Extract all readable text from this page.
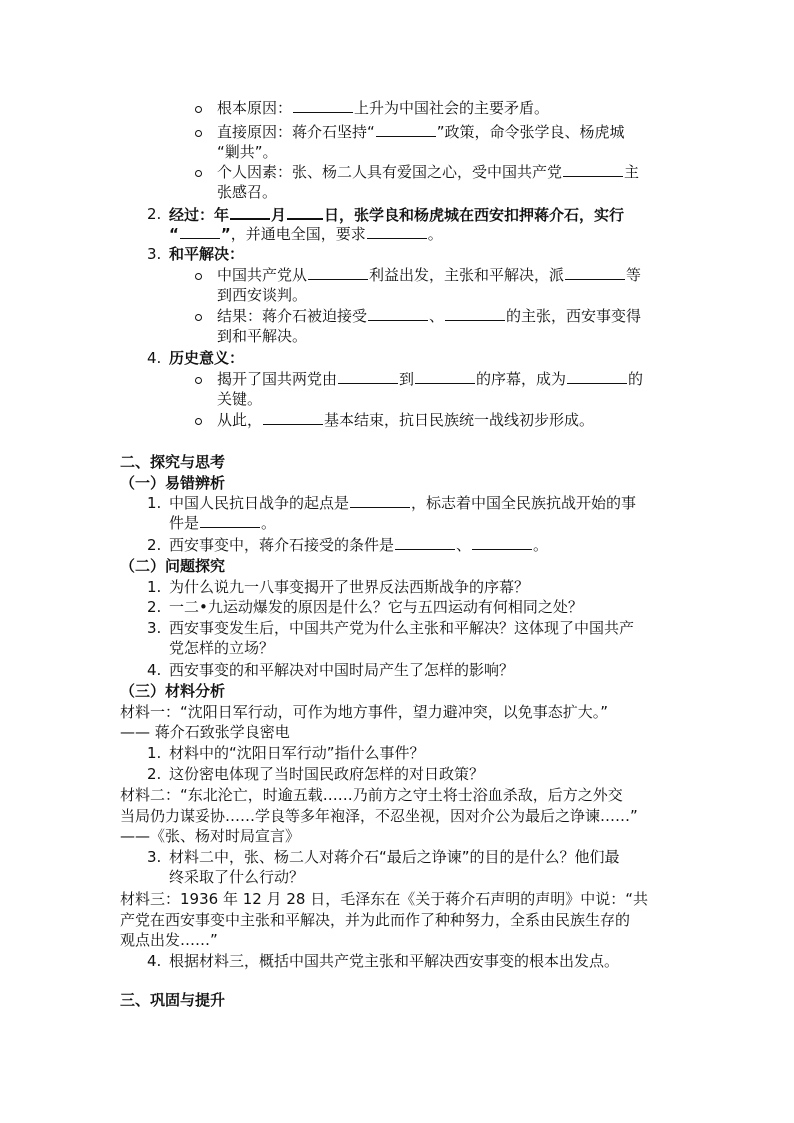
根本原因：	上升为中国社会的主要矛盾。
直接原因：蒋介石坚持“	”政策，命令张学良、杨虎城
“剿共”。
个人因素：张、杨二人具有爱国之心，受中国共产党	主
张感召。
2. 经过：年	月	日，张学良和杨虎城在西安扣押蒋介石，实行
“	”，并通电全国，要求	。
3. 和平解决：
中国共产党从	利益出发，主张和平解决，派	等
到西安谈判。
结果：蒋介石被迫接受	、	的主张，西安事变得
到和平解决。
4. 历史意义：
揭开了国共两党由	到	的序幕，成为	的
关键。
从此，	基本结束，抗日民族统一战线初步形成。
二、探究与思考
（一）易错辨析
1. 中国人民抗日战争的起点是	，标志着中国全民族抗战开始的事
件是	。
2. 西安事变中，蒋介石接受的条件是	、	。
（二）问题探究
1. 为什么说九一八事变揭开了世界反法西斯战争的序幕？
2. 一二•九运动爆发的原因是什么？它与五四运动有何相同之处？
3. 西安事变发生后，中国共产党为什么主张和平解决？这体现了中国共产
党怎样的立场？
4. 西安事变的和平解决对中国时局产生了怎样的影响？
（三）材料分析
材料一：“沈阳日军行动，可作为地方事件，望力避冲突，以免事态扩大。”
—— 蒋介石致张学良密电
1. 材料中的“沈阳日军行动”指什么事件？
2. 这份密电体现了当时国民政府怎样的对日政策？
材料二：“东北沦亡，时逾五载……乃前方之守土将士浴血杀敌，后方之外交
当局仍力谋妥协……学良等多年袍泽，不忍坐视，因对介公为最后之诤谏……”
——《张、杨对时局宣言》
3. 材料二中，张、杨二人对蒋介石“最后之诤谏”的目的是什么？他们最
终采取了什么行动？
材料三：1936 年 12 月 28 日，毛泽东在《关于蒋介石声明的声明》中说：“共
产党在西安事变中主张和平解决，并为此而作了种种努力，全系由民族生存的
观点出发……”
4. 根据材料三，概括中国共产党主张和平解决西安事变的根本出发点。
三、巩固与提升
